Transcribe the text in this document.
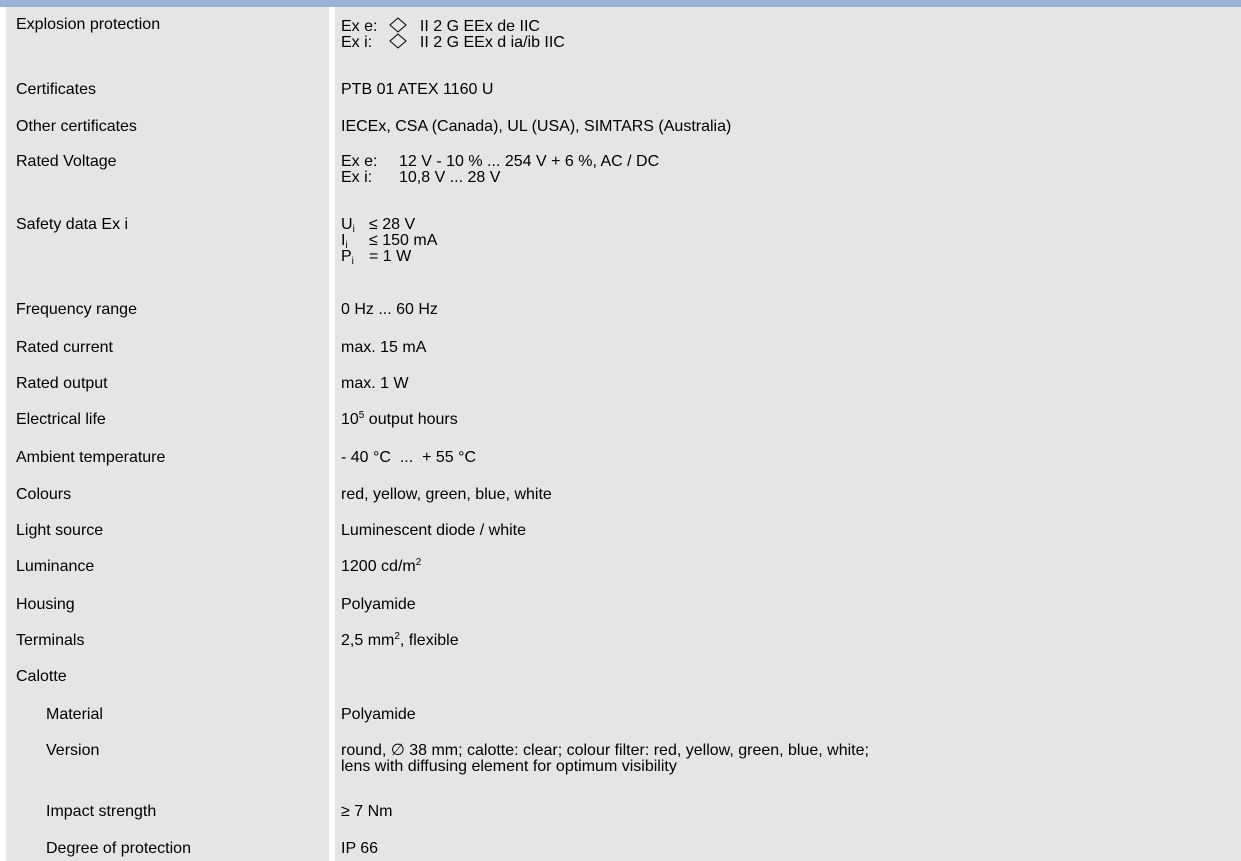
Explosion protection	Ex e:	II 2 G EEx de IIC
Ex i:	II 2 G EEx d ia/ib IIC
Certificates	PTB 01 ATEX 1160 U
Other certificates	IECEx, CSA (Canada), UL (USA), SIMTARS (Australia)
Rated Voltage	Ex e: 12 V - 10 % ... 254 V + 6 %, AC / DC
Ex i: 10,8 V ... 28 V
Safety data Ex i	Ui ≤ 28 V
Ii ≤ 150 mA
Pi = 1 W
Frequency range	0 Hz ... 60 Hz
Rated current	max. 15 mA
Rated output	max. 1 W
Electrical life	$10^5$ output hours
Ambient temperature	- 40 °C  ...  + 55 °C
Colours	red, yellow, green, blue, white
Light source	Luminescent diode / white
Luminance	1200 $cd/m^2$
Housing	Polyamide
Terminals	2,5 $mm^2$, flexible
Calotte
Material	Polyamide
Version	round, ∅ 38 mm; calotte: clear; colour filter: red, yellow, green, blue, white;
lens with diffusing element for optimum visibility
Impact strength	≥ 7 Nm
Degree of protection	IP 66
